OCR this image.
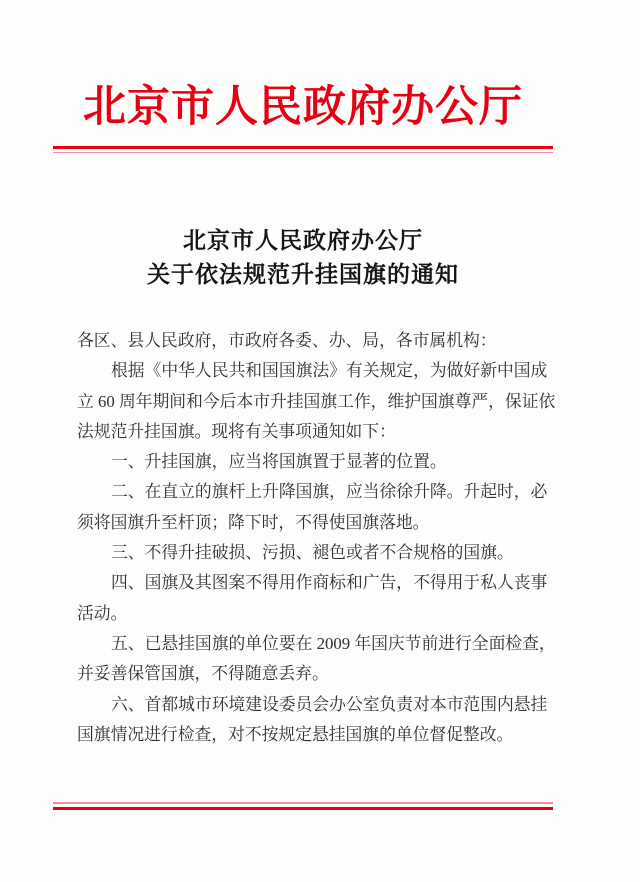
北京市人民政府办公厅
北京市人民政府办公厅
关于依法规范升挂国旗的通知
各区、县人民政府，市政府各委、办、局，各市属机构：
根据《中华人民共和国国旗法》有关规定，为做好新中国成
立 60 周年期间和今后本市升挂国旗工作，维护国旗尊严，保证依
法规范升挂国旗。现将有关事项通知如下：
一、升挂国旗，应当将国旗置于显著的位置。
二、在直立的旗杆上升降国旗，应当徐徐升降。升起时，必
须将国旗升至杆顶；降下时，不得使国旗落地。
三、不得升挂破损、污损、褪色或者不合规格的国旗。
四、国旗及其图案不得用作商标和广告，不得用于私人丧事
活动。
五、已悬挂国旗的单位要在 2009 年国庆节前进行全面检查，
并妥善保管国旗，不得随意丢弃。
六、首都城市环境建设委员会办公室负责对本市范围内悬挂
国旗情况进行检查，对不按规定悬挂国旗的单位督促整改。
